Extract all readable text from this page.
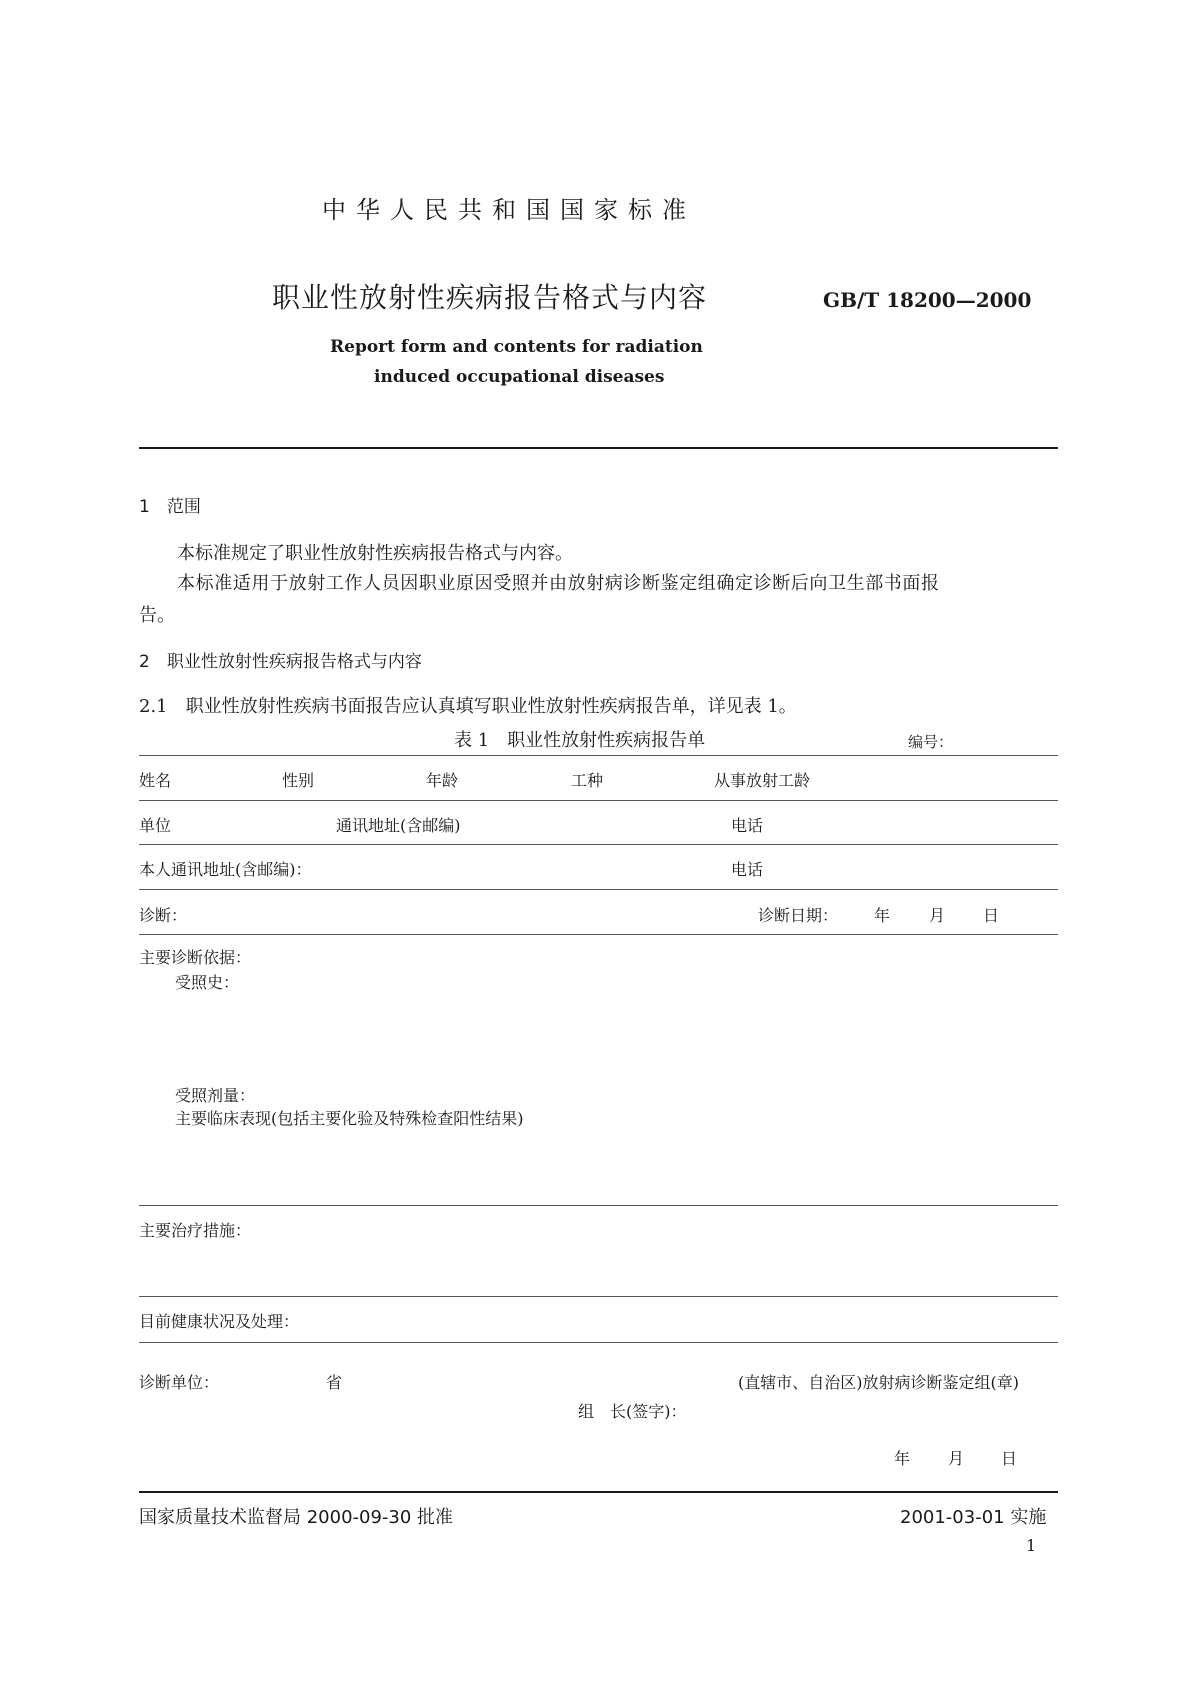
中华人民共和国国家标准
职业性放射性疾病报告格式与内容	GB/T 18200—2000
Report form and contents for radiation
induced occupational diseases
1　范围
本标准规定了职业性放射性疾病报告格式与内容。
本标准适用于放射工作人员因职业原因受照并由放射病诊断鉴定组确定诊断后向卫生部书面报
告。
2　职业性放射性疾病报告格式与内容
2.1　职业性放射性疾病书面报告应认真填写职业性放射性疾病报告单，详见表 1。
表 1　职业性放射性疾病报告单	编号：
姓名	性别	年龄	工种	从事放射工龄
单位	通讯地址(含邮编)	电话
本人通讯地址(含邮编)：	电话
诊断：	诊断日期： 年 月 日
主要诊断依据：
受照史：
受照剂量：
主要临床表现(包括主要化验及特殊检查阳性结果)
主要治疗措施：
目前健康状况及处理：
诊断单位：	省	(直辖市、自治区)放射病诊断鉴定组(章)
组　长(签字)：
年 月 日
国家质量技术监督局 2000-09-30 批准	2001-03-01 实施
1
